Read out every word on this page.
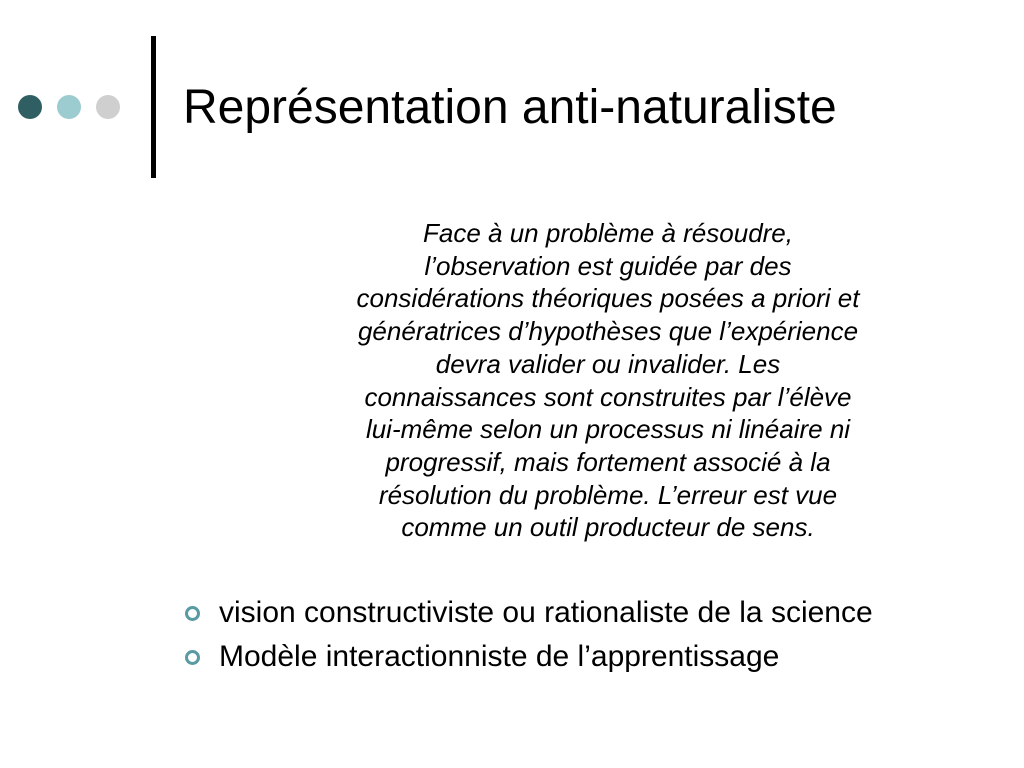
Représentation anti-naturaliste

Face à un problème à résoudre,
l’observation est guidée par des
considérations théoriques posées a priori et
génératrices d’hypothèses que l’expérience
devra valider ou invalider. Les
connaissances sont construites par l’élève
lui-même selon un processus ni linéaire ni
progressif, mais fortement associé à la
résolution du problème. L’erreur est vue
comme un outil producteur de sens.

vision constructiviste ou rationaliste de la science
Modèle interactionniste de l’apprentissage
